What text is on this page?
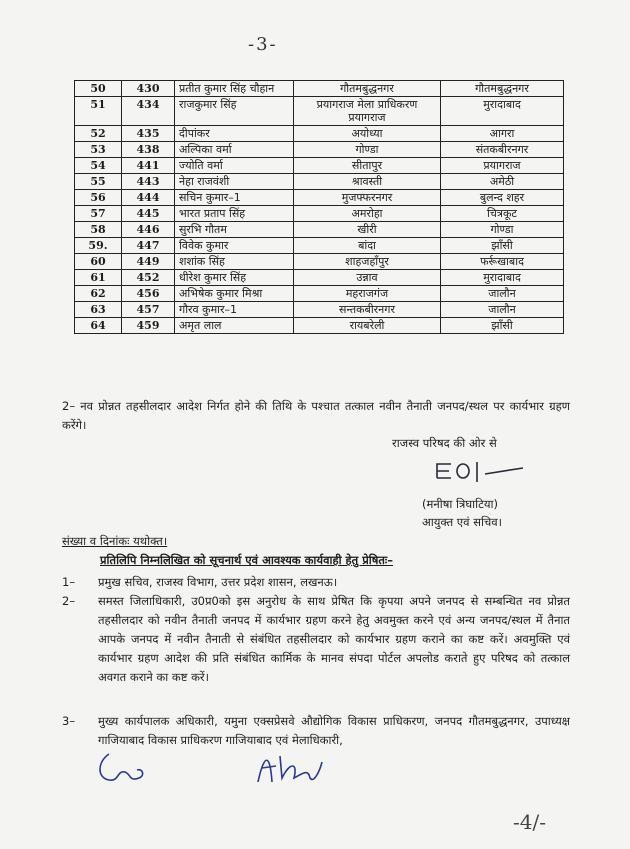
-3-
50	430	प्रतीत कुमार सिंह चौहान	गौतमबुद्धनगर	गौतमबुद्धनगर
51	434	राजकुमार सिंह	प्रयागराज मेला प्राधिकरण प्रयागराज	मुरादाबाद
52	435	दीपांकर	अयोध्या	आगरा
53	438	अल्पिका वर्मा	गोण्डा	संतकबीरनगर
54	441	ज्योति वर्मा	सीतापुर	प्रयागराज
55	443	नेहा राजवंशी	श्रावस्ती	अमेठी
56	444	सचिन कुमार–1	मुजफ्फरनगर	बुलन्द शहर
57	445	भारत प्रताप सिंह	अमरोहा	चित्रकूट
58	446	सुरभि गौतम	खीरी	गोण्डा
59.	447	विवेक कुमार	बांदा	झाँसी
60	449	शशांक सिंह	शाहजहाँपुर	फर्रूखाबाद
61	452	धीरेश कुमार सिंह	उन्नाव	मुरादाबाद
62	456	अभिषेक कुमार मिश्रा	महराजगंज	जालौन
63	457	गौरव कुमार–1	सन्तकबीरनगर	जालौन
64	459	अमृत लाल	रायबरेली	झाँसी
2– नव प्रोन्नत तहसीलदार आदेश निर्गत होने की तिथि के पश्चात तत्काल नवीन तैनाती जनपद/स्थल पर कार्यभार ग्रहण करेंगे।
राजस्व परिषद की ओर से
(मनीषा त्रिघाटिया)
आयुक्त एवं सचिव।
संख्या व दिनांकः यथोक्त।
प्रतिलिपि निम्नलिखित को सूचनार्थ एवं आवश्यक कार्यवाही हेतु प्रेषितः–
1– प्रमुख सचिव, राजस्व विभाग, उत्तर प्रदेश शासन, लखनऊ।
2– समस्त जिलाधिकारी, उ0प्र0को इस अनुरोध के साथ प्रेषित कि कृपया अपने जनपद से सम्बन्धित नव प्रोन्नत तहसीलदार को नवीन तैनाती जनपद में कार्यभार ग्रहण करने हेतु अवमुक्त करने एवं अन्य जनपद/स्थल में तैनात आपके जनपद में नवीन तैनाती से संबंधित तहसीलदार को कार्यभार ग्रहण कराने का कष्ट करें। अवमुक्ति एवं कार्यभार ग्रहण आदेश की प्रति संबंधित कार्मिक के मानव संपदा पोर्टल अपलोड कराते हुए परिषद को तत्काल अवगत कराने का कष्ट करें।
3– मुख्य कार्यपालक अधिकारी, यमुना एक्सप्रेसवे औद्योगिक विकास प्राधिकरण, जनपद गौतमबुद्धनगर, उपाध्यक्ष गाजियाबाद विकास प्राधिकरण गाजियाबाद एवं मेलाधिकारी,
-4/-
